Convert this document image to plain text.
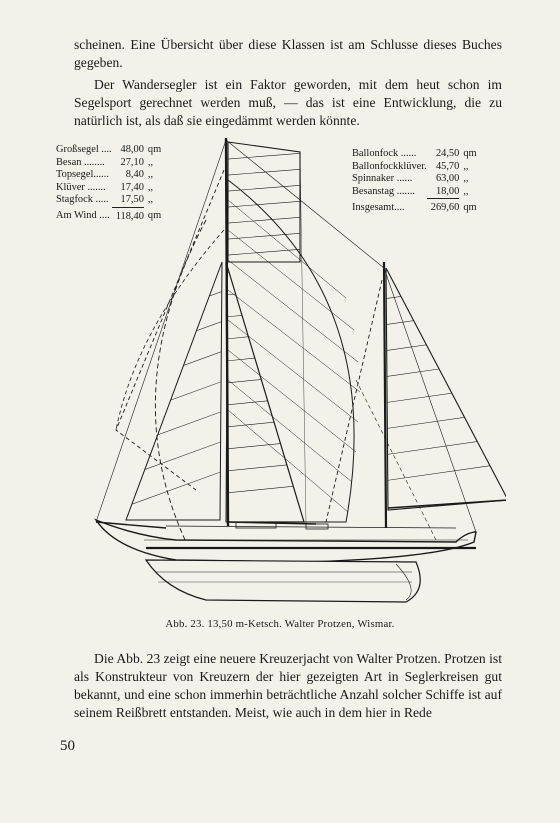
scheinen. Eine Übersicht über diese Klassen ist am Schlusse dieses Buches gegeben.

Der Wandersegler ist ein Faktor geworden, mit dem heut schon im Segelsport gerechnet werden muß, — das ist eine Entwicklung, die zu natürlich ist, als daß sie eingedämmt werden könnte.

Großsegel ....	48,00	qm
Besan ........	27,10	,,
Topsegel......	8,40	,,
Klüver .......	17,40	,,
Stagfock .....	17,50	,,
Am Wind ....	118,40	qm
Ballonfock ......	24,50	qm
Ballonfockklüver.	45,70	,,
Spinnaker ......	63,00	,,
Besanstag .......	18,00	,,
Insgesamt....	269,60	qm
Abb. 23. 13,50 m-Ketsch. Walter Protzen, Wismar.

Die Abb. 23 zeigt eine neuere Kreuzerjacht von Walter Protzen. Protzen ist als Konstrukteur von Kreuzern der hier gezeigten Art in Seglerkreisen gut bekannt, und eine schon immerhin beträchtliche Anzahl solcher Schiffe ist auf seinem Reißbrett entstanden. Meist, wie auch in dem hier in Rede

50
